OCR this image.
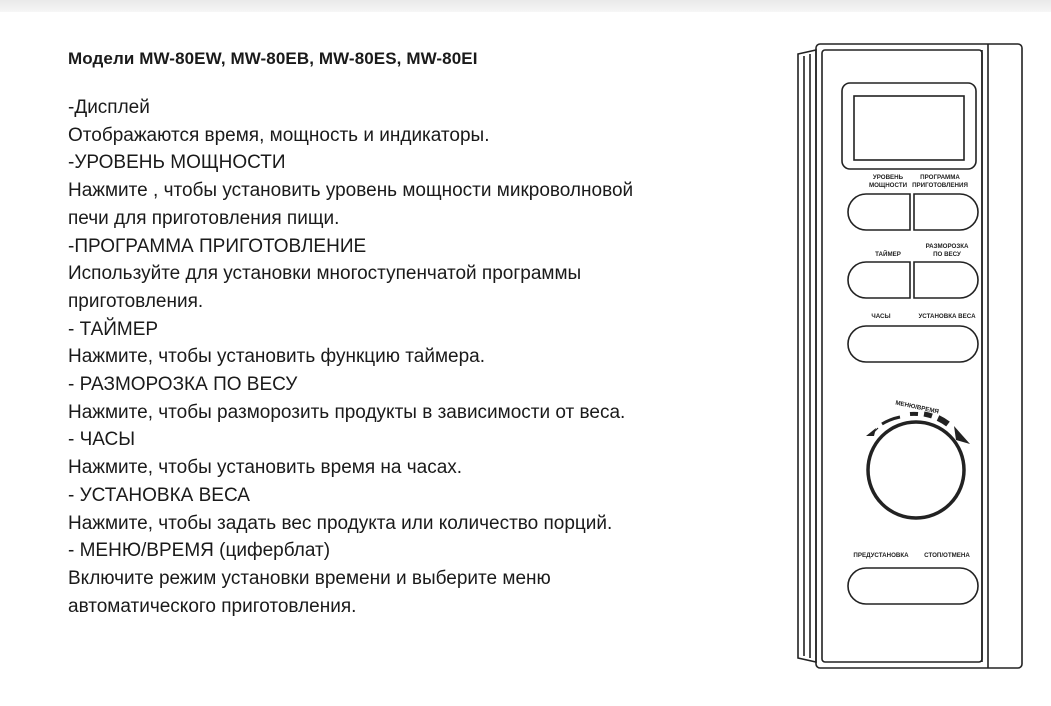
Модели MW-80EW, MW-80EB, MW-80ES, MW-80EI
-Дисплей
Отображаются время, мощность и индикаторы.
-УРОВЕНЬ МОЩНОСТИ
Нажмите , чтобы установить уровень мощности микроволновой
печи для приготовления пищи.
-ПРОГРАММА ПРИГОТОВЛЕНИЕ
Используйте для установки многоступенчатой программы
приготовления.
- ТАЙМЕР
Нажмите, чтобы установить функцию таймера.
- РАЗМОРОЗКА ПО ВЕСУ
Нажмите, чтобы разморозить продукты в зависимости от веса.
- ЧАСЫ
Нажмите, чтобы установить время на часах.
- УСТАНОВКА ВЕСА
Нажмите, чтобы задать вес продукта или количество порций.
- МЕНЮ/ВРЕМЯ (циферблат)
Включите режим установки времени и выберите меню
автоматического приготовления.
УРОВЕНЬ
МОЩНОСТИ
ПРОГРАММА
ПРИГОТОВЛЕНИЯ
ТАЙМЕР
РАЗМОРОЗКА
ПО ВЕСУ
ЧАСЫ	УСТАНОВКА ВЕСА
МЕНЮ/ВРЕМЯ
ПРЕДУСТАНОВКА	СТОП/ОТМЕНА
